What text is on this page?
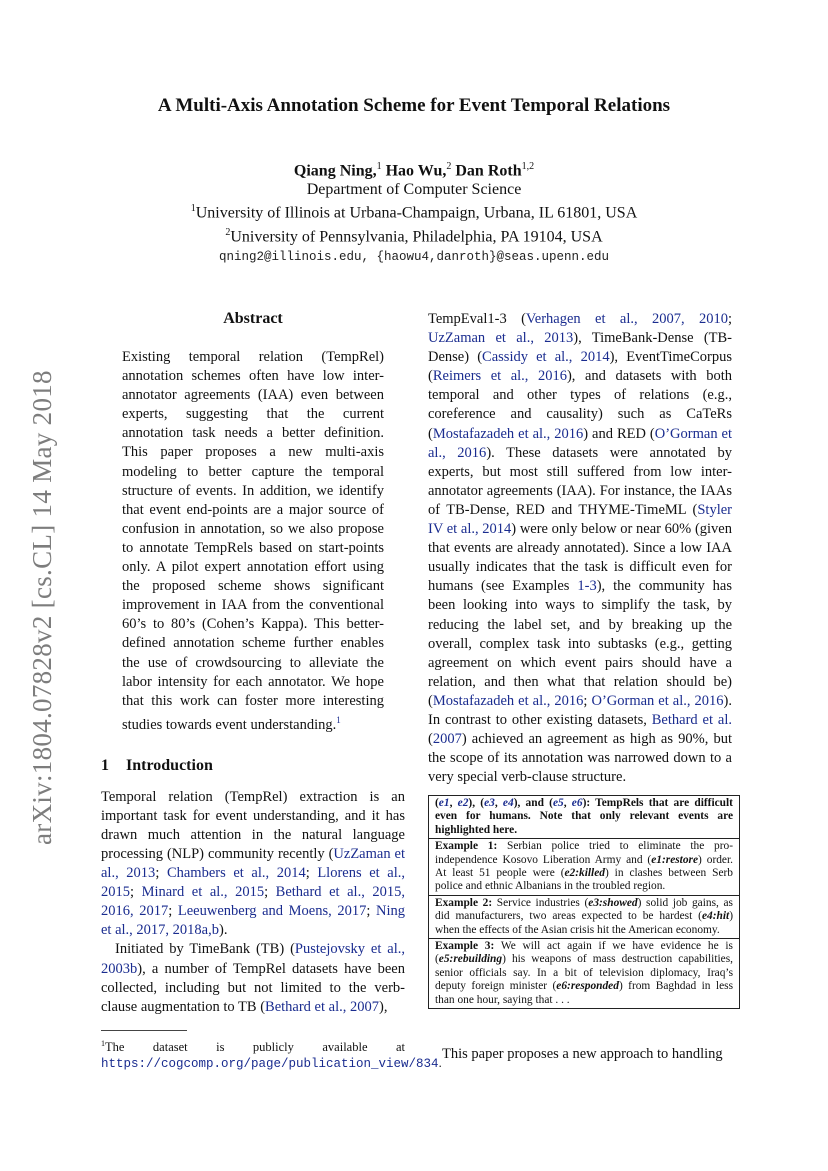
arXiv:1804.07828v2 [cs.CL] 14 May 2018
A Multi-Axis Annotation Scheme for Event Temporal Relations
Qiang Ning,$^1$ Hao Wu,$^2$ Dan Roth$^{1,2}$
Department of Computer Science
$^1$University of Illinois at Urbana-Champaign, Urbana, IL 61801, USA
$^2$University of Pennsylvania, Philadelphia, PA 19104, USA
qning2@illinois.edu, {haowu4,danroth}@seas.upenn.edu
Abstract

Existing temporal relation (TempRel) annotation schemes often have low inter-annotator agreements (IAA) even between experts, suggesting that the current annotation task needs a better definition. This paper proposes a new multi-axis modeling to better capture the temporal structure of events. In addition, we identify that event end-points are a major source of confusion in annotation, so we also propose to annotate TempRels based on start-points only. A pilot expert annotation effort using the proposed scheme shows significant improvement in IAA from the conventional 60’s to 80’s (Cohen’s Kappa). This better-defined annotation scheme further enables the use of crowdsourcing to alleviate the labor intensity for each annotator. We hope that this work can foster more interesting studies towards event understanding.$^1$

1 Introduction

Temporal relation (TempRel) extraction is an important task for event understanding, and it has drawn much attention in the natural language processing (NLP) community recently (UzZaman et al., 2013; Chambers et al., 2014; Llorens et al., 2015; Minard et al., 2015; Bethard et al., 2015, 2016, 2017; Leeuwenberg and Moens, 2017; Ning et al., 2017, 2018a,b).

Initiated by TimeBank (TB) (Pustejovsky et al., 2003b), a number of TempRel datasets have been collected, including but not limited to the verb-clause augmentation to TB (Bethard et al., 2007),

$^1$The dataset is publicly available at https://cogcomp.org/page/publication_view/834.

TempEval1-3 (Verhagen et al., 2007, 2010; UzZaman et al., 2013), TimeBank-Dense (TB-Dense) (Cassidy et al., 2014), EventTimeCorpus (Reimers et al., 2016), and datasets with both temporal and other types of relations (e.g., coreference and causality) such as CaTeRs (Mostafazadeh et al., 2016) and RED (O’Gorman et al., 2016). These datasets were annotated by experts, but most still suffered from low inter-annotator agreements (IAA). For instance, the IAAs of TB-Dense, RED and THYME-TimeML (Styler IV et al., 2014) were only below or near 60% (given that events are already annotated). Since a low IAA usually indicates that the task is difficult even for humans (see Examples 1-3), the community has been looking into ways to simplify the task, by reducing the label set, and by breaking up the overall, complex task into subtasks (e.g., getting agreement on which event pairs should have a relation, and then what that relation should be) (Mostafazadeh et al., 2016; O’Gorman et al., 2016). In contrast to other existing datasets, Bethard et al. (2007) achieved an agreement as high as 90%, but the scope of its annotation was narrowed down to a very special verb-clause structure.

(e1, e2), (e3, e4), and (e5, e6): TempRels that are difficult even for humans. Note that only relevant events are highlighted here.
Example 1: Serbian police tried to eliminate the pro-independence Kosovo Liberation Army and (e1:restore) order. At least 51 people were (e2:killed) in clashes between Serb police and ethnic Albanians in the troubled region.
Example 2: Service industries (e3:showed) solid job gains, as did manufacturers, two areas expected to be hardest (e4:hit) when the effects of the Asian crisis hit the American economy.
Example 3: We will act again if we have evidence he is (e5:rebuilding) his weapons of mass destruction capabilities, senior officials say. In a bit of television diplomacy, Iraq’s deputy foreign minister (e6:responded) from Baghdad in less than one hour, saying that . . .
This paper proposes a new approach to handling
